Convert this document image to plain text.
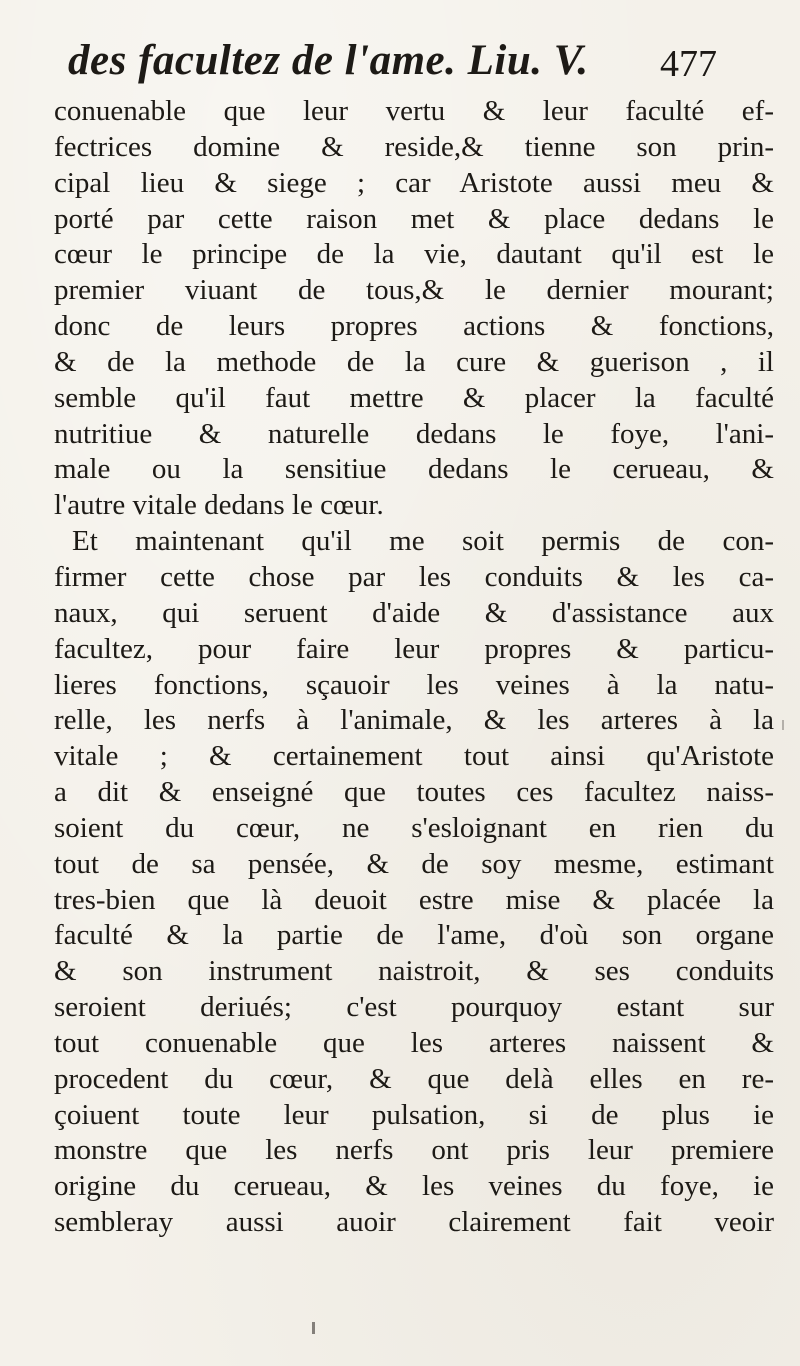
des facultez de l'ame. Liu. V. 477
conuenable que leur vertu & leur faculté ef-
fectrices domine & reside,& tienne son prin-
cipal lieu & siege ; car Aristote aussi meu &
porté par cette raison met & place dedans le
cœur le principe de la vie, dautant qu'il est le
premier viuant de tous,& le dernier mourant;
donc de leurs propres actions & fonctions,
& de la methode de la cure & guerison , il
semble qu'il faut mettre & placer la faculté
nutritiue & naturelle dedans le foye, l'ani-
male ou la sensitiue dedans le cerueau, &
l'autre vitale dedans le cœur.
Et maintenant qu'il me soit permis de con-
firmer cette chose par les conduits & les ca-
naux, qui seruent d'aide & d'assistance aux
facultez, pour faire leur propres & particu-
lieres fonctions, sçauoir les veines à la natu-
relle, les nerfs à l'animale, & les arteres à la
vitale ; & certainement tout ainsi qu'Aristote
a dit & enseigné que toutes ces facultez naiss-
soient du cœur, ne s'esloignant en rien du
tout de sa pensée, & de soy mesme, estimant
tres-bien que là deuoit estre mise & placée la
faculté & la partie de l'ame, d'où son organe
& son instrument naistroit, & ses conduits
seroient deriués; c'est pourquoy estant sur
tout conuenable que les arteres naissent &
procedent du cœur, & que delà elles en re-
çoiuent toute leur pulsation, si de plus ie
monstre que les nerfs ont pris leur premiere
origine du cerueau, & les veines du foye, ie
sembleray aussi auoir clairement fait veoir
